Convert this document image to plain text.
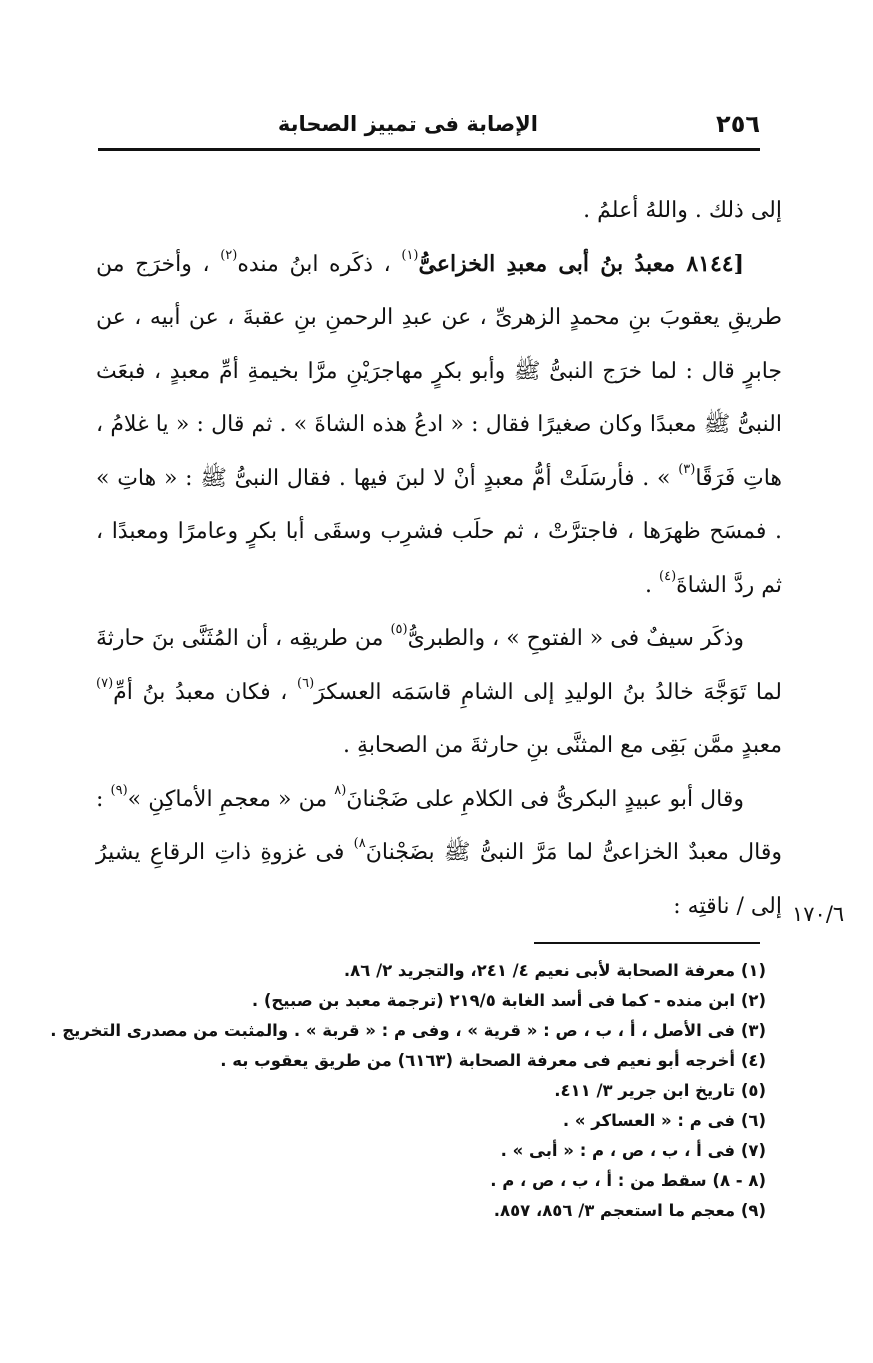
٢٥٦
الإصابة فى تمييز الصحابة

إلى ذلك . واللهُ أعلمُ .

[٨١٤٤ معبدُ بنُ أبى معبدِ الخزاعىُّ$^{(١)}$ ، ذكَره ابنُ منده$^{(٢)}$ ، وأخرَج من طريقِ يعقوبَ بنِ محمدٍ الزهرىِّ ، عن عبدِ الرحمنِ بنِ عقبةَ ، عن أبيه ، عن جابرٍ قال : لما خرَج النبىُّ ﷺ وأبو بكرٍ مهاجرَيْنِ مرَّا بخيمةِ أمِّ معبدٍ ، فبعَث النبىُّ ﷺ معبدًا وكان صغيرًا فقال : « ادعُ هذه الشاةَ » . ثم قال : « يا غلامُ ، هاتِ فَرَقًا$^{(٣)}$ » . فأرسَلَتْ أمُّ معبدٍ أنْ لا لبنَ فيها . فقال النبىُّ ﷺ : « هاتِ » . فمسَح ظهرَها ، فاجترَّتْ ، ثم حلَب فشرِب وسقَى أبا بكرٍ وعامرًا ومعبدًا ، ثم ردَّ الشاةَ$^{(٤)}$ .

وذكَر سيفٌ فى « الفتوحِ » ، والطبرىُّ$^{(٥)}$ من طريقِه ، أن المُثَنَّى بنَ حارثةَ لما تَوَجَّهَ خالدُ بنُ الوليدِ إلى الشامِ قاسَمَه العسكرَ$^{(٦)}$ ، فكان معبدُ بنُ أمِّ$^{(٧)}$ معبدٍ ممَّن بَقِى مع المثنَّى بنِ حارثةَ من الصحابةِ .

وقال أبو عبيدٍ البكرىُّ فى الكلامِ على ضَجْنانَ$^{(٨}$ من « معجمِ الأماكِنِ »$^{(٩)}$ : وقال معبدٌ الخزاعىُّ لما مَرَّ النبىُّ ﷺ بضَجْنانَ$^{٨)}$ فى غزوةِ ذاتِ الرقاعِ يشيرُ إلى / ناقتِه : ١٧٠/٦
(١) معرفة الصحابة لأبى نعيم ٤/ ٢٤١، والتجريد ٢/ ٨٦.
(٢) ابن منده - كما فى أسد الغابة ٢١٩/٥ (ترجمة معبد بن صبيح) .
(٣) فى الأصل ، أ ، ب ، ص : « قرية » ، وفى م : « قربة » . والمثبت من مصدرى التخريج .
(٤) أخرجه أبو نعيم فى معرفة الصحابة (٦١٦٣) من طريق يعقوب به .
(٥) تاريخ ابن جرير ٣/ ٤١١.
(٦) فى م : « العساكر » .
(٧) فى أ ، ب ، ص ، م : « أبى » .
(٨ - ٨) سقط من : أ ، ب ، ص ، م .
(٩) معجم ما استعجم ٣/ ٨٥٦، ٨٥٧.
